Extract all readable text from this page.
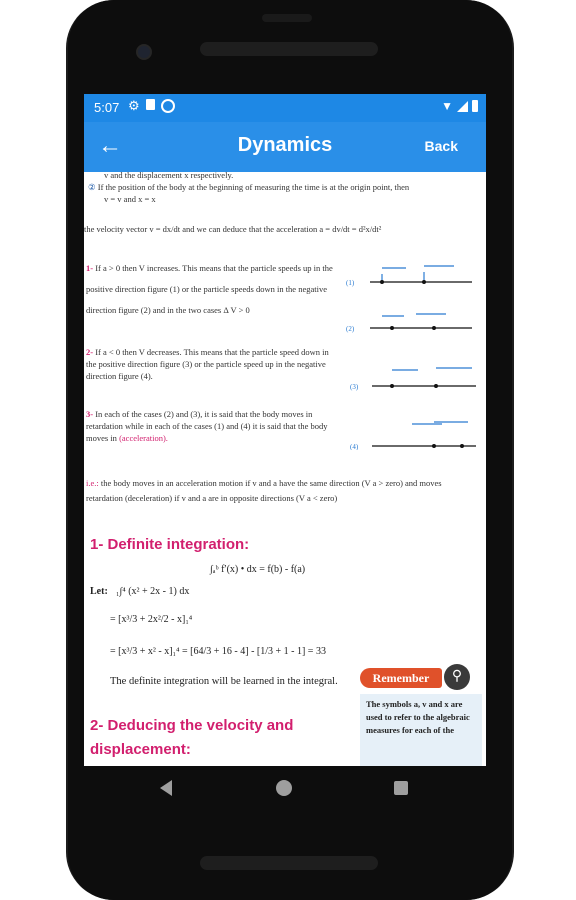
5:07 ⚙	▼
←	Dynamics	Back

v and the displacement x respectively.

② If the position of the body at the beginning of measuring the time is at the origin point, then

v = v and x = x

the velocity vector v = dx/dt and we can deduce that the acceleration a = dv/dt = d²x/dt²

1- If a > 0 then V increases. This means that the particle speeds up in the positive direction figure (1) or the particle speeds down in the negative direction figure (2) and in the two cases Δ V > 0

2- If a < 0 then V decreases. This means that the particle speed down in the positive direction figure (3) or the particle speed up in the negative direction figure (4).

3- In each of the cases (2) and (3), it is said that the body moves in retardation while in each of the cases (1) and (4) it is said that the body moves in (acceleration).

i.e.: the body moves in an acceleration motion if v and a have the same direction (V a > zero) and moves retardation (deceleration) if v and a are in opposite directions (V a < zero)

(1)
(2)
(3)
(4)
1- Definite integration:
∫ₐᵇ f′(x) • dx = f(b) - f(a)
Let: ₁∫⁴ (x² + 2x - 1) dx
= [x³/3 + 2x²/2 - x]₁⁴
= [x³/3 + x² - x]₁⁴ = [64/3 + 16 - 4] - [1/3 + 1 - 1] = 33
The definite integration will be learned in the integral.
2- Deducing the velocity and displacement:
Remember	⚲
The symbols a, v and x are used to refer to the algebraic measures for each of the
